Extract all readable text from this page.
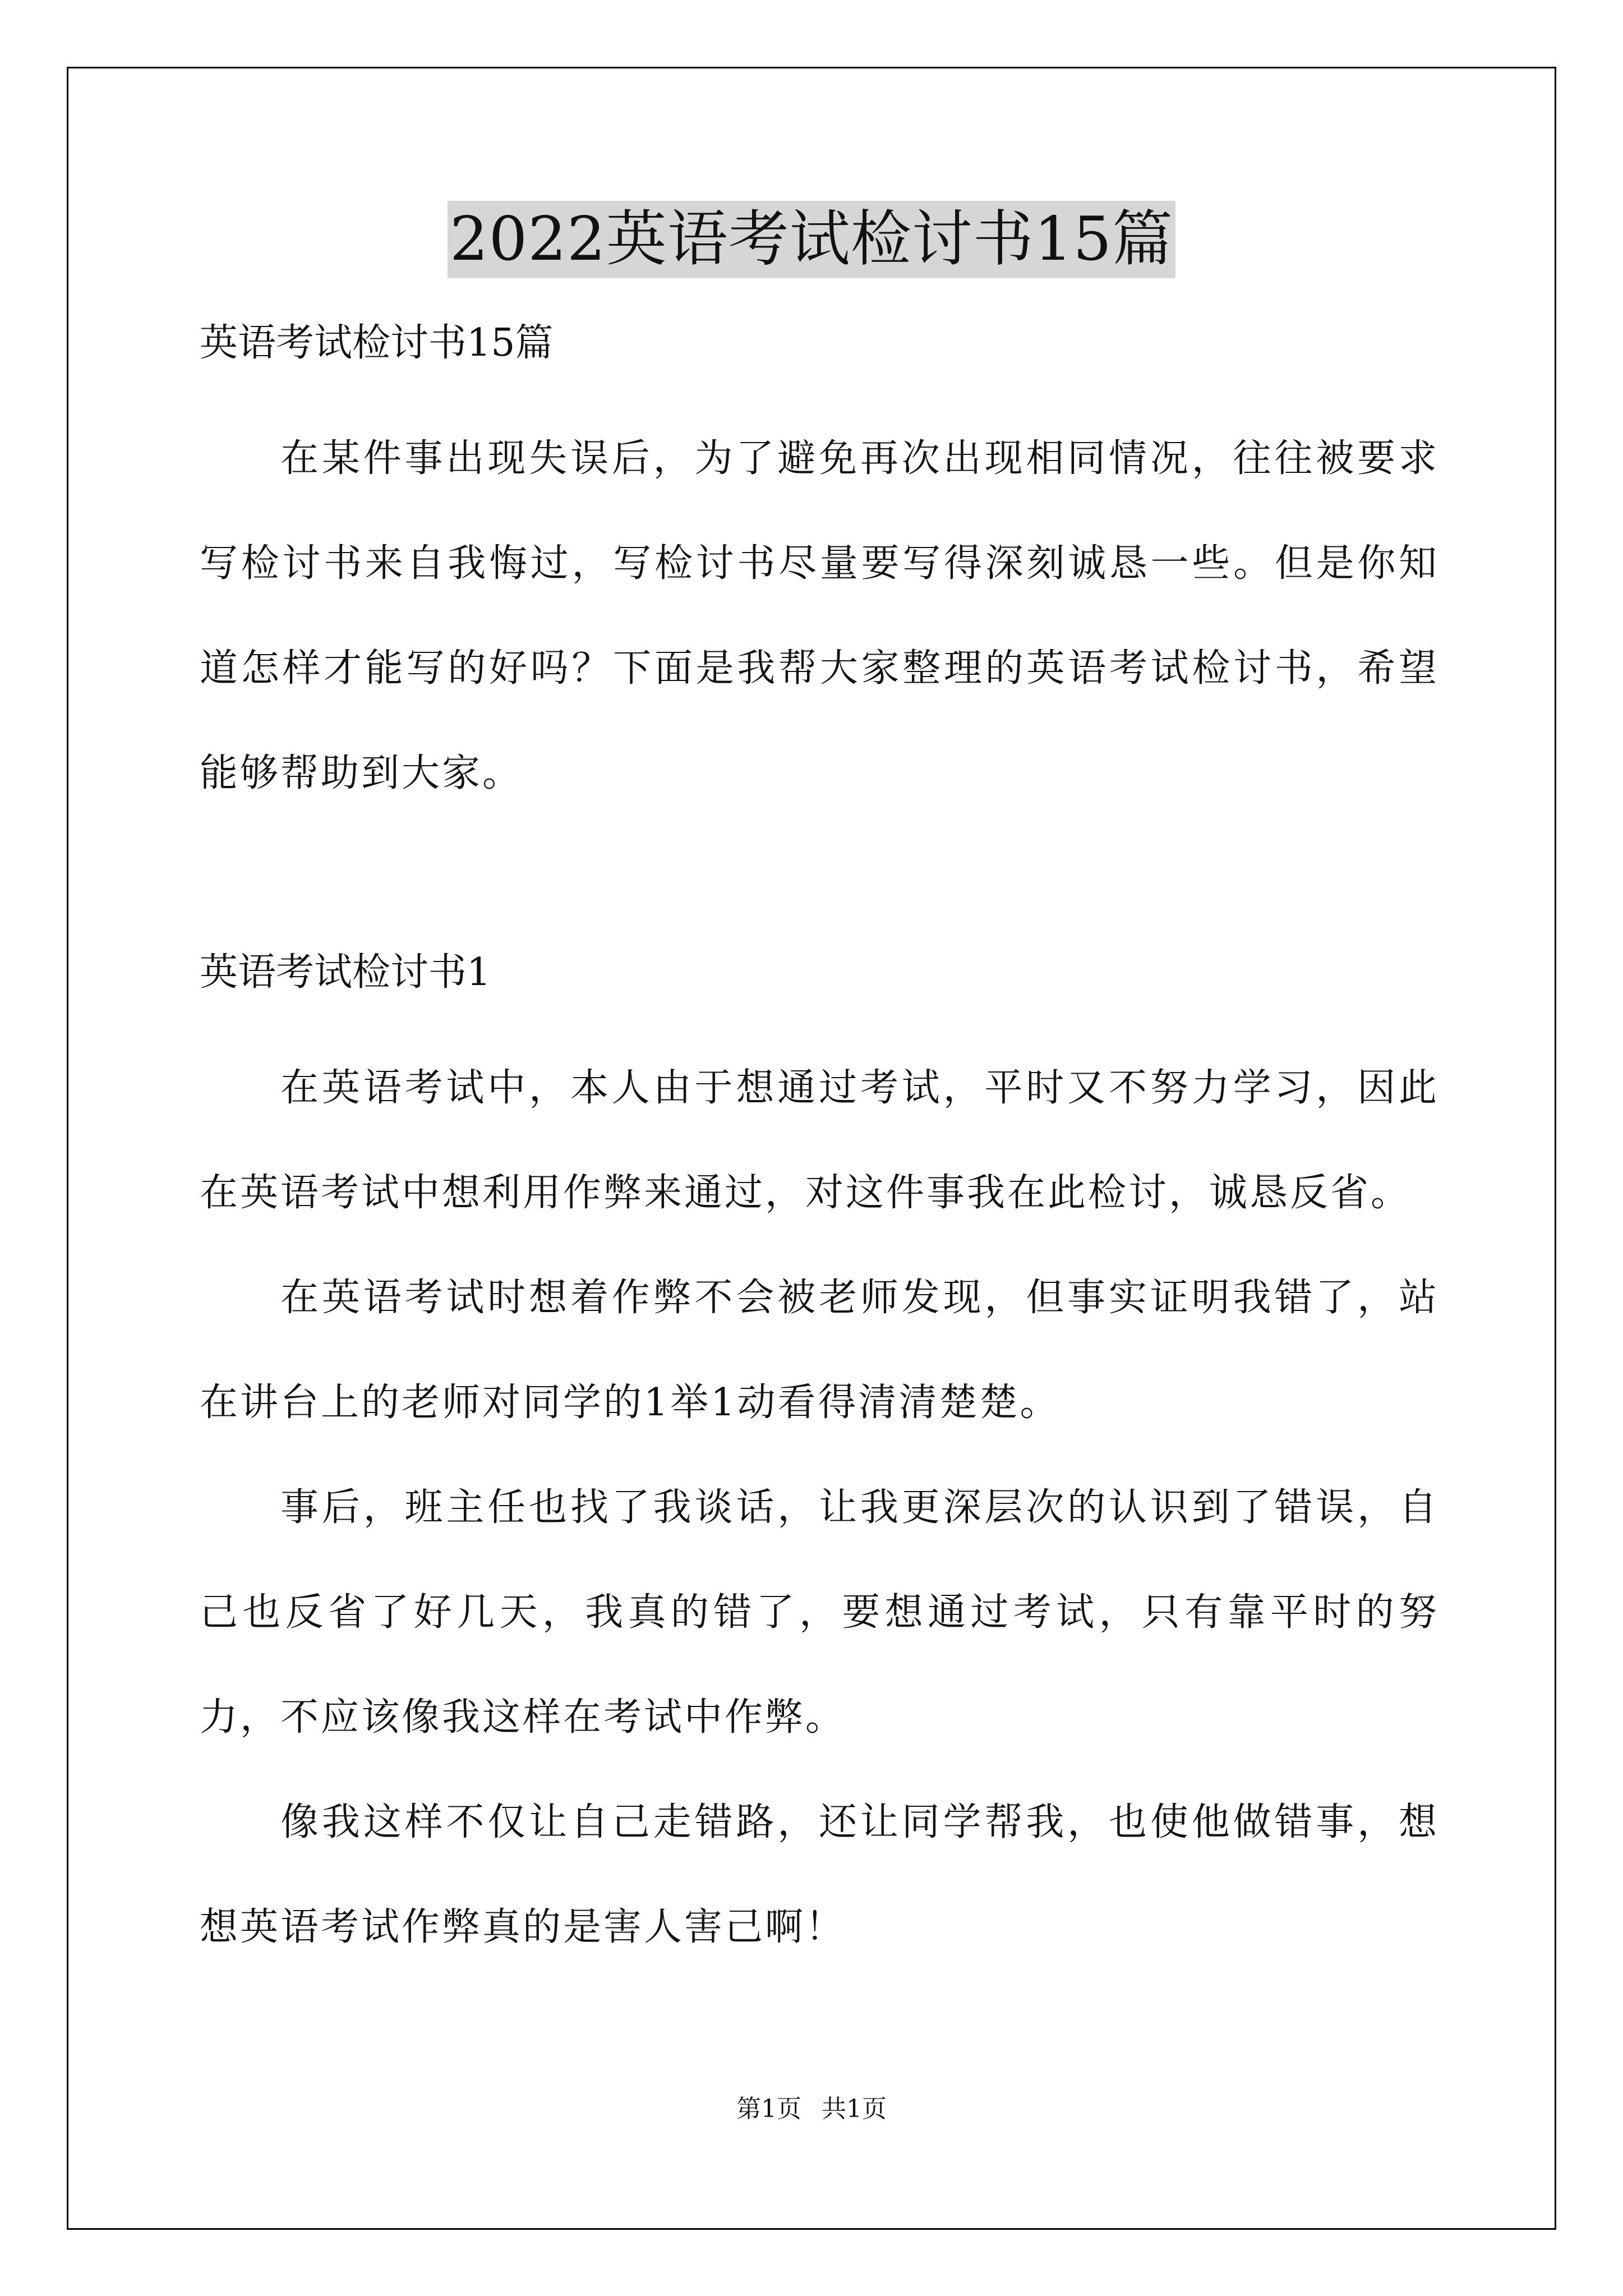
2022英语考试检讨书15篇

英语考试检讨书15篇

在某件事出现失误后，为了避免再次出现相同情况，往往被要求写检讨书来自我悔过，写检讨书尽量要写得深刻诚恳一些。但是你知道怎样才能写的好吗？下面是我帮大家整理的英语考试检讨书，希望能够帮助到大家。

英语考试检讨书1

在英语考试中，本人由于想通过考试，平时又不努力学习，因此在英语考试中想利用作弊来通过，对这件事我在此检讨，诚恳反省。

在英语考试时想着作弊不会被老师发现，但事实证明我错了，站在讲台上的老师对同学的1举1动看得清清楚楚。

事后，班主任也找了我谈话，让我更深层次的认识到了错误，自己也反省了好几天，我真的错了，要想通过考试，只有靠平时的努力，不应该像我这样在考试中作弊。

像我这样不仅让自己走错路，还让同学帮我，也使他做错事，想想英语考试作弊真的是害人害己啊！

第1页 共1页
